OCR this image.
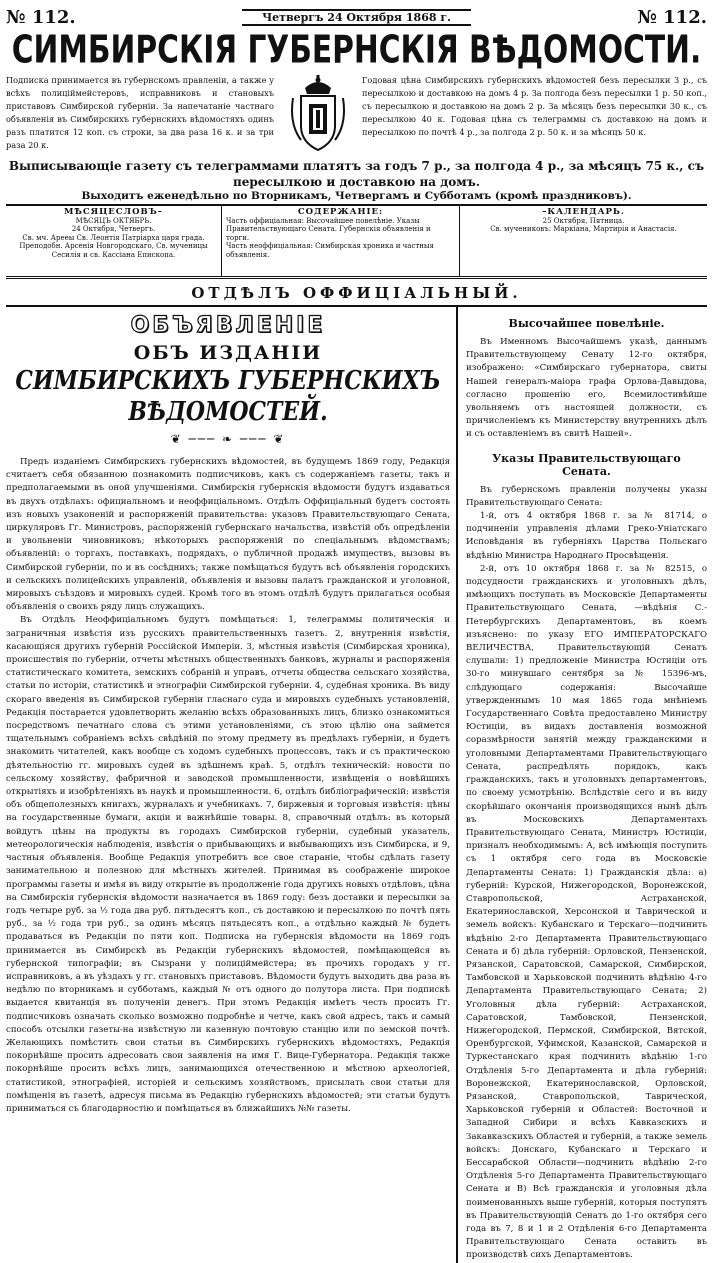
№ 112.	Четвергъ 24 Октября 1868 г.	№ 112.
СИМБИРСКІЯ ГУБЕРНСКІЯ ВѢДОМОСТИ.
Подписка принимается въ губернскомъ правленіи, а также у всѣхъ полиціймейстеровъ, исправниковъ и становыхъ приставовъ Симбирской губерніи. За напечатаніе частнаго объявленія въ Симбирскихъ губернскихъ вѣдомостяхъ одинъ разъ платится 12 коп. съ строки, за два раза 16 к. и за три раза 20 к.
Годовая цѣна Симбирскихъ губернскихъ вѣдомостей безъ пересылки 3 р., съ пересылкою и доставкою на домъ 4 р. За полгода безъ пересылки 1 р. 50 коп., съ пересылкою и доставкою на домъ 2 р. За мѣсяцъ безъ пересылки 30 к., съ пересылкою 40 к. Годовая цѣна съ телеграммы съ доставкою на домъ и пересылкою по почтѣ 4 р., за полгода 2 р. 50 к. и за мѣсяцъ 50 к.
Выписывающіе газету съ телеграммами платятъ за годъ 7 р., за полгода 4 р., за мѣсяцъ 75 к., съ пересылкою и доставкою на домъ.
Выходитъ еженедѣльно по Вторникамъ, Четвергамъ и Субботамъ (кромѣ праздниковъ).
МѢСЯЦЕСЛОВЪ–
МѢСЯЦЪ ОКТЯБРЬ.
24 Октября, Четвергъ.
Св. мч. Арееы Св. Леонтія Патріарха царя града. Преподобн. Арсенія Новгородскаго, Св. мученицы Сесилія и св. Кассіана Епископа.
СОДЕРЖАНІЕ:
Часть оффиціальная: Высочайшее повелѣніе. Указы Правительствующаго Сената. Губернскія объявленія и торги.
Часть неоффиціальная: Симбирская хроника и частныя объявленія.
–КАЛЕНДАРЬ.
25 Октября, Пятница.
Св. мучениковъ: Маркіана, Мартирія и Анастасія.
ОТДѢЛЪ ОФФИЦІАЛЬНЫЙ.
ОБЪЯВЛЕНІЕ
ОБЪ ИЗДАНІИ
СИМБИРСКИХЪ ГУБЕРНСКИХЪ ВѢДОМОСТЕЙ.
❦ ─── ❧ ─── ❦
Предъ изданіемъ Симбирскихъ губернскихъ вѣдомостей, въ будущемъ 1869 году, Редакція считаетъ себя обязанною познакомить подписчиковъ, какъ съ содержаніемъ газеты, такъ и предполагаемыми въ оной улучшеніями. Симбирскія губернскія вѣдомости будутъ издаваться въ двухъ отдѣлахъ: официальномъ и неоффиціальномъ. Отдѣлъ Оффиціальный будетъ состоять изъ новыхъ узаконеній и распоряженій правительства: указовъ Правительствующаго Сената, циркуляровъ Гг. Министровъ, распоряженій губернскаго начальства, извѣстій объ опредѣленіи и увольненіи чиновниковъ; нѣкоторыхъ распоряженій по спеціальнымъ вѣдомствамъ; объявленій: о торгахъ, поставкахъ, подрядахъ, о публичной продажѣ имуществъ, вызовы въ Симбирской губерніи, по и въ сосѣднихъ; также помѣщаться будутъ всѣ объявленія городскихъ и сельскихъ полицейскихъ управленій, объявленія и вызовы палатъ гражданской и уголовной, мировыхъ съѣздовъ и мировыхъ судей. Кромѣ того въ этомъ отдѣлѣ будутъ прилагаться особыя объявленія о своихъ ряду лицъ служащихъ.
Въ Отдѣлъ Неоффиціальномъ будутъ помѣщаться: 1, телеграммы политическія и заграничныя извѣстія изъ русскихъ правительственныхъ газетъ. 2, внутреннія извѣстія, касающіяся другихъ губерній Россійской Имперіи. 3, мѣстныя извѣстія (Симбирская хроника), происшествія по губерніи, отчеты мѣстныхъ общественныхъ банковъ, журналы и распоряженія статистическаго комитета, земскихъ собраній и управъ, отчеты общества сельскаго хозяйства, статьи по исторіи, статистикѣ и этнографіи Симбирской губерніи. 4, судебная хроника. Въ виду скораго введенія въ Симбирской губерніи гласнаго суда и мировыхъ судебныхъ установленій, Редакція постарается удовлетворить желанію всѣхъ образованныхъ лицъ, близко ознакомиться посредствомъ печатнаго слова съ этими установленіями, съ этою цѣлію она займется тщательнымъ собраніемъ всѣхъ свѣдѣній по этому предмету въ предѣлахъ губерніи, и будетъ знакомить читателей, какъ вообще съ ходомъ судебныхъ процессовъ, такъ и съ практическою дѣятельностію гг. мировыхъ судей въ здѣшнемъ краѣ. 5, отдѣлъ техническій: новости по сельскому хозяйству, фабричной и заводской промышленности, извѣщенія о новѣйшихъ открытіяхъ и изобрѣтеніяхъ въ наукѣ и промышленности. 6, отдѣлъ библіографическій: извѣстія объ общеполезныхъ книгахъ, журналахъ и учебникахъ. 7, биржевыя и торговыя извѣстія: цѣны на государственные бумаги, акціи и важнѣйшіе товары. 8, справочный отдѣлъ: въ который войдутъ цѣны на продукты въ городахъ Симбирской губерніи, судебный указатель, метеорологическія наблюденія, извѣстія о прибывающихъ и выбывающихъ изъ Симбирска, и 9, частныя объявленія. Вообще Редакція употребитъ все свое стараніе, чтобы сдѣлать газету занимательною и полезною для мѣстныхъ жителей. Принимая въ соображеніе широкое программы газеты и имѣя въ виду открытіе въ продолженіе года другихъ новыхъ отдѣловъ, цѣна на Симбирскія губернскія вѣдомости назначается въ 1869 году: безъ доставки и пересылки за годъ четыре руб. за ½ года два руб. пятьдесятъ коп., съ доставкою и пересылкою по почтѣ пять руб., за ½ года три руб., за одинъ мѣсяцъ пятьдесятъ коп., а отдѣльно каждый № будетъ продаваться въ Редакціи по пяти коп. Подписка на губернскія вѣдомости на 1869 годъ принимается въ Симбирскѣ въ Редакціи губернскихъ вѣдомостей, помѣщающейся въ губернской типографіи; въ Сызрани у полиціймейстера; въ прочихъ городахъ у гг. исправниковъ, а въ уѣздахъ у гг. становыхъ приставовъ. Вѣдомости будутъ выходить два раза въ недѣлю по вторникамъ и субботамъ, каждый № отъ одного до полутора листа. При подпискѣ выдается квитанція въ полученіи денегъ. При этомъ Редакція имѣетъ честь просить Гг. подписчиковъ означать сколько возможно подробнѣе и четче, какъ свой адресъ, такъ и самый способъ отсылки газеты-на извѣстную ли казенную почтовую станцію или по земской почтѣ. Желающихъ помѣстить свои статьи въ Симбирскихъ губернскихъ вѣдомостяхъ, Редакція покорнѣйше просить адресовать свои заявленія на имя Г. Вице-Губернатора. Редакція также покорнѣйше просить всѣхъ лицъ, занимающихся отечественною и мѣстною археологіей, статистикой, этнографіей, исторіей и сельскимъ хозяйствомъ, присылать свои статьи для помѣщенія въ газетѣ, адресуя письма въ Редакцію губернскихъ вѣдомостей; эти статьи будутъ приниматься съ благодарностію и помѣщаться въ ближайшихъ №№ газеты.
Высочайшее повелѣніе.
Въ Именномъ Высочайшемъ указѣ, даннымъ Правительствующему Сенату 12-го октября, изображено: «Симбирскаго губернатора, свиты Нашей генералъ-маіора графа Орлова-Давыдова, согласно прошенію его, Всемилостивѣйше увольняемъ отъ настоящей должности, съ причисленіемъ къ Министерству внутреннихъ дѣлъ и съ оставленіемъ въ свитѣ Нашей».
Указы Правительствующаго Сената.
Въ губернскомъ правленіи получены указы Правительствующаго Сената:
1-й, отъ 4 октября 1868 г. за № 81714, о подчиненіи управленія дѣлами Греко-Уніатскаго Исповѣданія въ губерніяхъ Царства Польскаго вѣдѣнію Министра Народнаго Просвѣщенія.
2-й, отъ 10 октября 1868 г. за № 82515, о подсудности гражданскихъ и уголовныхъ дѣлъ, имѣющихъ поступать въ Московскіе Департаменты Правительствующаго Сената, —вѣдѣнія С.-Петербургскихъ Департаментовъ, въ коемъ изъяснено: по указу ЕГО ИМПЕРАТОРСКАГО ВЕЛИЧЕСТВА, Правительствующій Сенатъ слушали: 1) предложеніе Министра Юстиціи отъ 30-го минувшаго сентября за № 15396-мъ, слѣдующаго содержанія: Высочайше утвержденнымъ 10 мая 1865 года мнѣніемъ Государственнаго Совѣта предоставлено Министру Юстиціи, въ видахъ доставленія возможной соразмѣрности занятій между гражданскими и уголовными Департаментами Правительствующаго Сената, распредѣлять порядокъ, какъ гражданскихъ, такъ и уголовныхъ департаментовъ, по своему усмотрѣнію. Вслѣдствіе сего и въ виду скорѣйшаго окончанія производящихся нынѣ дѣлъ въ Московскихъ Департаментахъ Правительствующаго Сената, Министръ Юстиціи, призналъ необходимымъ: А, всѣ имѣющія поступить съ 1 октября сего года въ Московскіе Департаменты Сената: 1) Гражданскія дѣла: а) губерній: Курской, Нижегородской, Воронежской, Ставропольской, Астраханской, Екатеринославской, Херсонской и Таврической и земель войскъ: Кубанскаго и Терскаго—подчинить вѣдѣнію 2-го Департамента Правительствующаго Сената и б) дѣла губерній: Орловской, Пензенской, Рязанской, Саратовской, Самарской, Симбирской, Тамбовской и Харьковской подчинить вѣдѣнію 4-го Департамента Правительствующаго Сената; 2) Уголовныя дѣла губерній: Астраханской, Саратовской, Тамбовской, Пензенской, Нижегородской, Пермской, Симбирской, Вятской, Оренбургской, Уфимской, Казанской, Самарской и Туркестанскаго края подчинить вѣдѣнію 1-го Отдѣленія 5-го Департамента и дѣла губерній: Воронежской, Екатеринославской, Орловской, Рязанской, Ставропольской, Таврической, Харьковской губерній и Областей: Восточной и Западной Сибири и всѣхъ Кавказскихъ и Закавказскихъ Областей и губерній, а также земель войскъ: Донскаго, Кубанскаго и Терскаго и Бессарабской Области—подчинить вѣдѣнію 2-го Отдѣленія 5-го Департамента Правительствующаго Сената и В) Всѣ гражданскія и уголовныя дѣла поименованныхъ выше губерній, которыя поступятъ въ Правительствующій Сенатъ до 1-го октября сего года въ 7, 8 и 1 и 2 Отдѣленія 6-го Департамента Правительствующаго Сената оставить въ производствѣ сихъ Департаментовъ.
